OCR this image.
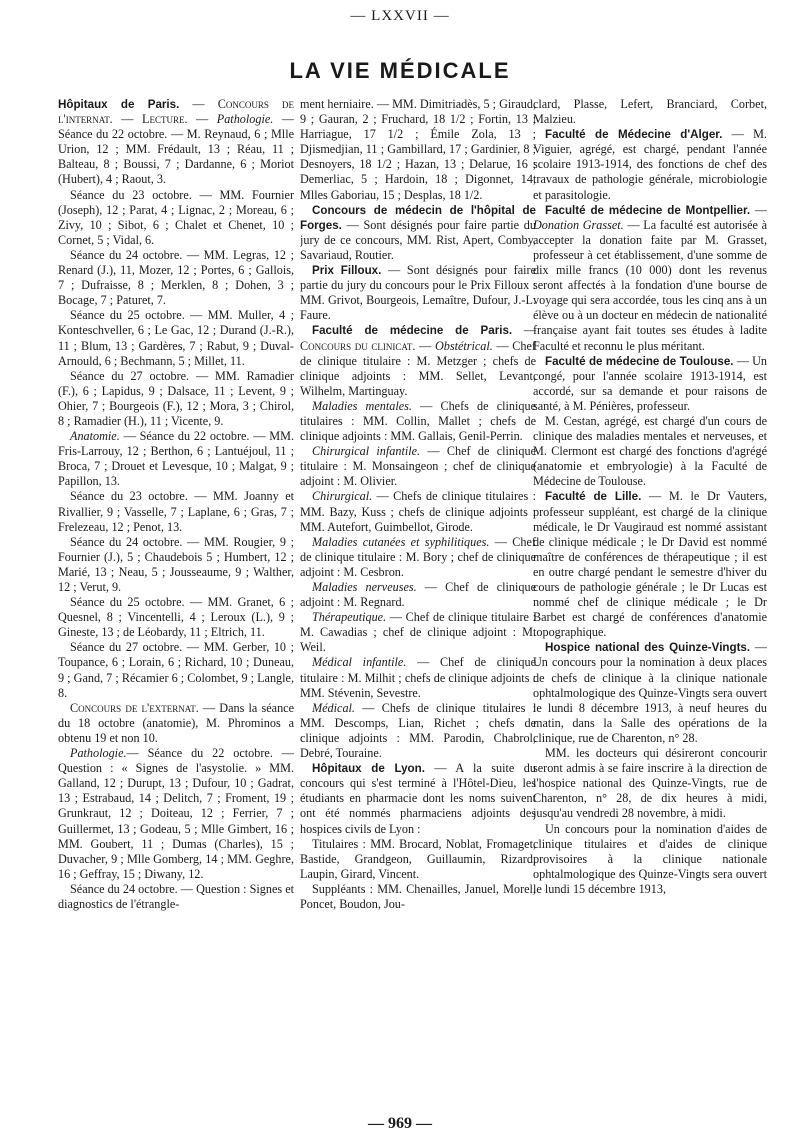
— LXXVII —
LA VIE MÉDICALE

Hôpitaux de Paris. — Concours de l'internat. — Lecture. — Pathologie. — Séance du 22 octobre. — M. Reynaud, 6 ; Mlle Urion, 12 ; MM. Frédault, 13 ; Réau, 11 ; Balteau, 8 ; Boussi, 7 ; Dardanne, 6 ; Moriot (Hubert), 4 ; Raout, 3.

Séance du 23 octobre. — MM. Fournier (Joseph), 12 ; Parat, 4 ; Lignac, 2 ; Moreau, 6 ; Zivy, 10 ; Sibot, 6 ; Chalet et Chenet, 10 ; Cornet, 5 ; Vidal, 6.

Séance du 24 octobre. — MM. Legras, 12 ; Renard (J.), 11, Mozer, 12 ; Portes, 6 ; Gallois, 7 ; Dufraisse, 8 ; Merklen, 8 ; Dohen, 3 ; Bocage, 7 ; Paturet, 7.

Séance du 25 octobre. — MM. Muller, 4 ; Konteschveller, 6 ; Le Gac, 12 ; Durand (J.-R.), 11 ; Blum, 13 ; Gardères, 7 ; Rabut, 9 ; Duval-Arnould, 6 ; Bechmann, 5 ; Millet, 11.

Séance du 27 octobre. — MM. Ramadier (F.), 6 ; Lapidus, 9 ; Dalsace, 11 ; Levent, 9 ; Ohier, 7 ; Bourgeois (F.), 12 ; Mora, 3 ; Chirol, 8 ; Ramadier (H.), 11 ; Vicente, 9.

Anatomie. — Séance du 22 octobre. — MM. Fris-Larrouy, 12 ; Berthon, 6 ; Lantuéjoul, 11 ; Broca, 7 ; Drouet et Levesque, 10 ; Malgat, 9 ; Papillon, 13.

Séance du 23 octobre. — MM. Joanny et Rivallier, 9 ; Vasselle, 7 ; Laplane, 6 ; Gras, 7 ; Frelezeau, 12 ; Penot, 13.

Séance du 24 octobre. — MM. Rougier, 9 ; Fournier (J.), 5 ; Chaudebois 5 ; Humbert, 12 ; Marié, 13 ; Neau, 5 ; Jousseaume, 9 ; Walther, 12 ; Verut, 9.

Séance du 25 octobre. — MM. Granet, 6 ; Quesnel, 8 ; Vincentelli, 4 ; Leroux (L.), 9 ; Gineste, 13 ; de Léobardy, 11 ; Eltrich, 11.

Séance du 27 octobre. — MM. Gerber, 10 ; Toupance, 6 ; Lorain, 6 ; Richard, 10 ; Duneau, 9 ; Gand, 7 ; Récamier 6 ; Colombet, 9 ; Langle, 8.

Concours de l'externat. — Dans la séance du 18 octobre (anatomie), M. Phrominos a obtenu 19 et non 10.

Pathologie.— Séance du 22 octobre. — Question : « Signes de l'asystolie. » MM. Galland, 12 ; Durupt, 13 ; Dufour, 10 ; Gadrat, 13 ; Estrabaud, 14 ; Delitch, 7 ; Froment, 19 ; Grunkraut, 12 ; Doiteau, 12 ; Ferrier, 7 ; Guillermet, 13 ; Godeau, 5 ; Mlle Gimbert, 16 ; MM. Goubert, 11 ; Dumas (Charles), 15 ; Duvacher, 9 ; Mlle Gomberg, 14 ; MM. Geghre, 16 ; Geffray, 15 ; Diwany, 12.

Séance du 24 octobre. — Question : Signes et diagnostics de l'étrangle-

ment herniaire. — MM. Dimitriadès, 5 ; Giraud, 9 ; Gauran, 2 ; Fruchard, 18 1/2 ; Fortin, 13 ; Harriague, 17 1/2 ; Émile Zola, 13 ; Djismedjian, 11 ; Gambillard, 17 ; Gardinier, 8 ; Desnoyers, 18 1/2 ; Hazan, 13 ; Delarue, 16 ; Demerliac, 5 ; Hardoin, 18 ; Digonnet, 14, Mlles Gaboriau, 15 ; Desplas, 18 1/2.

Concours de médecin de l'hôpital de Forges. — Sont désignés pour faire partie du jury de ce concours, MM. Rist, Apert, Comby, Savariaud, Routier.

Prix Filloux. — Sont désignés pour faire partie du jury du concours pour le Prix Filloux : MM. Grivot, Bourgeois, Lemaître, Dufour, J.-L. Faure.

Faculté de médecine de Paris. — Concours du clinicat. — Obstétrical. — Chef de clinique titulaire : M. Metzger ; chefs de clinique adjoints : MM. Sellet, Levant, Wilhelm, Martinguay.

Maladies mentales. — Chefs de clinique titulaires : MM. Collin, Mallet ; chefs de clinique adjoints : MM. Gallais, Genil-Perrin.

Chirurgical infantile. — Chef de clinique titulaire : M. Monsaingeon ; chef de clinique adjoint : M. Olivier.

Chirurgical. — Chefs de clinique titulaires : MM. Bazy, Kuss ; chefs de clinique adjoints : MM. Autefort, Guimbellot, Girode.

Maladies cutanées et syphilitiques. — Chef de clinique titulaire : M. Bory ; chef de clinique adjoint : M. Cesbron.

Maladies nerveuses. — Chef de clinique adjoint : M. Regnard.

Thérapeutique. — Chef de clinique titulaire : M. Cawadias ; chef de clinique adjoint : M. Weil.

Médical infantile. — Chef de clinique titulaire : M. Milhit ; chefs de clinique adjoints : MM. Stévenin, Sevestre.

Médical. — Chefs de clinique titulaires : MM. Descomps, Lian, Richet ; chefs de clinique adjoints : MM. Parodin, Chabrol, Debré, Touraine.

Hôpitaux de Lyon. — A la suite du concours qui s'est terminé à l'Hôtel-Dieu, les étudiants en pharmacie dont les noms suivent ont été nommés pharmaciens adjoints des hospices civils de Lyon :

Titulaires : MM. Brocard, Noblat, Fromaget, Bastide, Grandgeon, Guillaumin, Rizard, Laupin, Girard, Vincent.

Suppléants : MM. Chenailles, Januel, Morel, Poncet, Boudon, Jou-

clard, Plasse, Lefert, Branciard, Corbet, Malzieu.

Faculté de Médecine d'Alger. — M. Viguier, agrégé, est chargé, pendant l'année scolaire 1913-1914, des fonctions de chef des travaux de pathologie générale, microbiologie et parasitologie.

Faculté de médecine de Montpellier. — Donation Grasset. — La faculté est autorisée à accepter la donation faite par M. Grasset, professeur à cet établissement, d'une somme de dix mille francs (10 000) dont les revenus seront affectés à la fondation d'une bourse de voyage qui sera accordée, tous les cinq ans à un élève ou à un docteur en médecin de nationalité française ayant fait toutes ses études à ladite Faculté et reconnu le plus méritant.

Faculté de médecine de Toulouse. — Un congé, pour l'année scolaire 1913-1914, est accordé, sur sa demande et pour raisons de santé, à M. Pénières, professeur.

M. Cestan, agrégé, est chargé d'un cours de clinique des maladies mentales et nerveuses, et M. Clermont est chargé des fonctions d'agrégé (anatomie et embryologie) à la Faculté de Médecine de Toulouse.

Faculté de Lille. — M. le Dr Vauters, professeur suppléant, est chargé de la clinique médicale, le Dr Vaugiraud est nommé assistant de clinique médicale ; le Dr David est nommé maître de conférences de thérapeutique ; il est en outre chargé pendant le semestre d'hiver du cours de pathologie générale ; le Dr Lucas est nommé chef de clinique médicale ; le Dr Barbet est chargé de conférences d'anatomie topographique.

Hospice national des Quinze-Vingts. — Un concours pour la nomination à deux places de chefs de clinique à la clinique nationale ophtalmologique des Quinze-Vingts sera ouvert le lundi 8 décembre 1913, à neuf heures du matin, dans la Salle des opérations de la clinique, rue de Charenton, n° 28.

MM. les docteurs qui désireront concourir seront admis à se faire inscrire à la direction de l'hospice national des Quinze-Vingts, rue de Charenton, n° 28, de dix heures à midi, jusqu'au vendredi 28 novembre, à midi.

Un concours pour la nomination d'aides de clinique titulaires et d'aides de clinique provisoires à la clinique nationale ophtalmologique des Quinze-Vingts sera ouvert le lundi 15 décembre 1913,

— 969 —
